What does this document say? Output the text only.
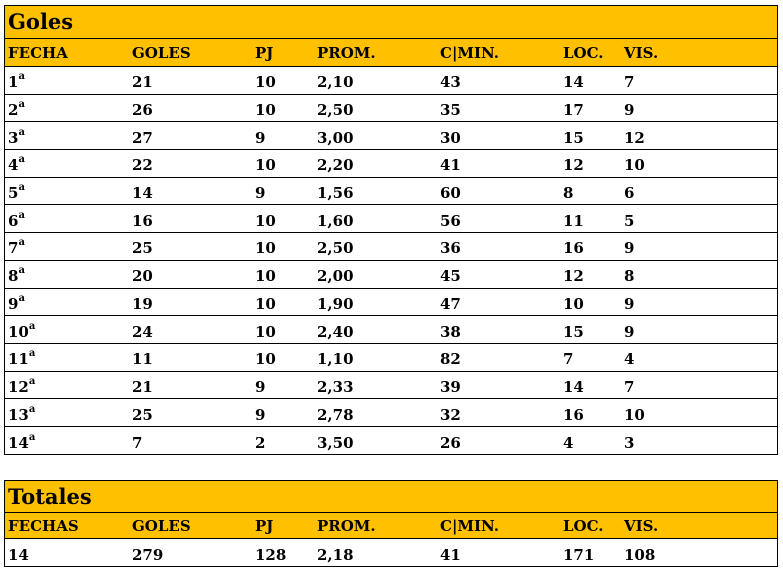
Goles
FECHA	GOLES	PJ	PROM.	C|MIN.	LOC.	VIS.
1$^a$	21	10	2,10	43	14	7
2$^a$	26	10	2,50	35	17	9
3$^a$	27	9	3,00	30	15	12
4$^a$	22	10	2,20	41	12	10
5$^a$	14	9	1,56	60	8	6
6$^a$	16	10	1,60	56	11	5
7$^a$	25	10	2,50	36	16	9
8$^a$	20	10	2,00	45	12	8
9$^a$	19	10	1,90	47	10	9
10$^a$	24	10	2,40	38	15	9
11$^a$	11	10	1,10	82	7	4
12$^a$	21	9	2,33	39	14	7
13$^a$	25	9	2,78	32	16	10
14$^a$	7	2	3,50	26	4	3
Totales
FECHAS	GOLES	PJ	PROM.	C|MIN.	LOC.	VIS.
14	279	128	2,18	41	171	108
